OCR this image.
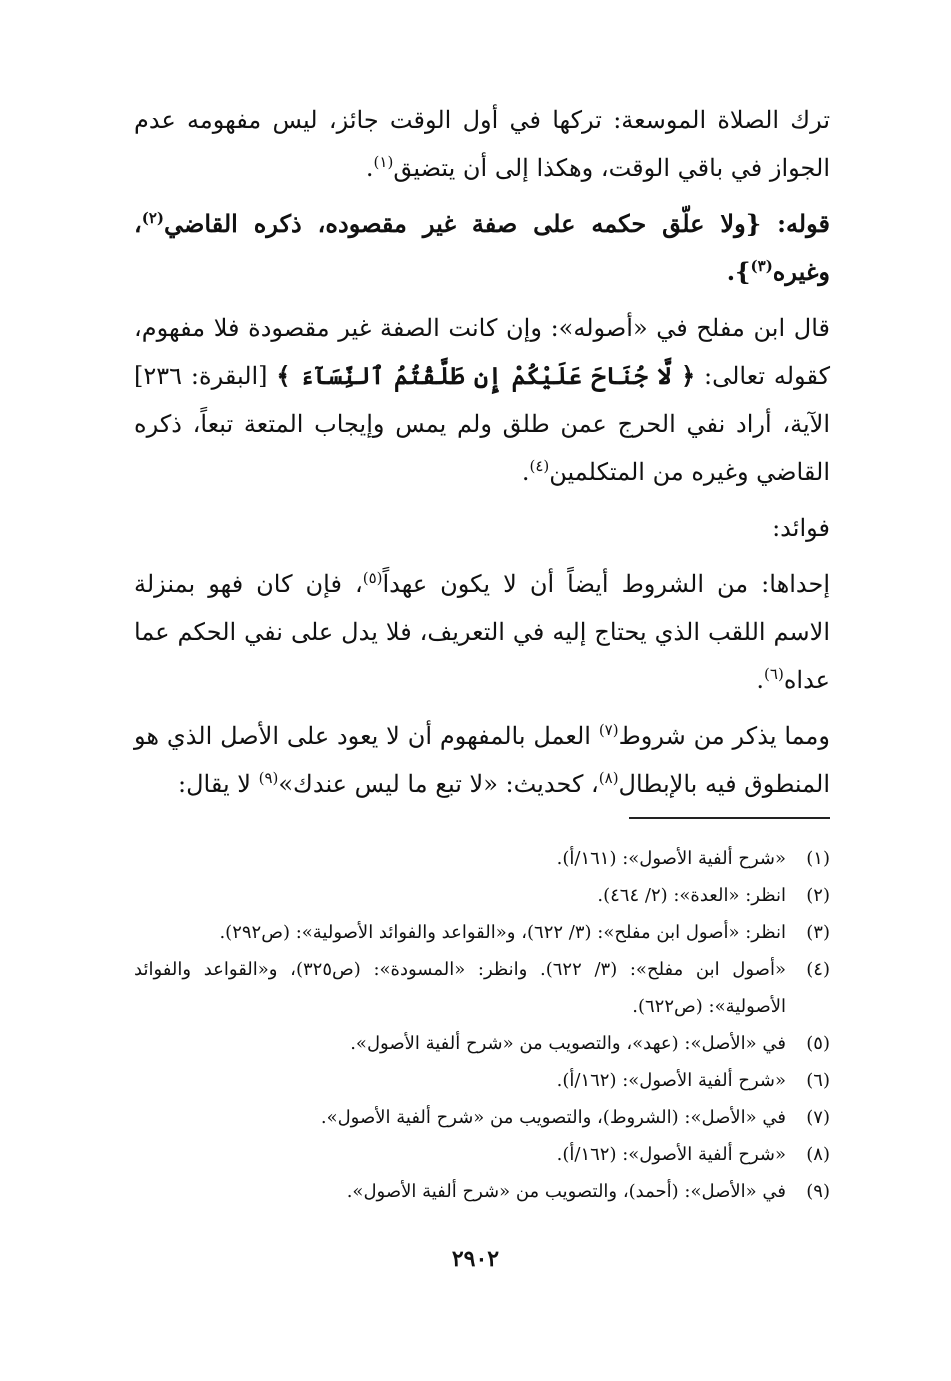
ترك الصلاة الموسعة: تركها في أول الوقت جائز، ليس مفهومه عدم الجواز في باقي الوقت، وهكذا إلى أن يتضيق$^{(١)}$.

قوله: {ولا علّق حكمه على صفة غير مقصوده، ذكره القاضي$^{(٢)}$، وغيره$^{(٣)}$}.

قال ابن مفلح في «أصوله»: وإن كانت الصفة غير مقصودة فلا مفهوم، كقوله تعالى: ﴿ لَّا جُنَاحَ عَلَيْكُمْ إِن طَلَّقْتُمُ ٱلنِّسَآءَ ﴾ [البقرة: ٢٣٦] الآية، أراد نفي الحرج عمن طلق ولم يمس وإيجاب المتعة تبعاً، ذكره القاضي وغيره من المتكلمين$^{(٤)}$.

فوائد:

إحداها: من الشروط أيضاً أن لا يكون عهداً$^{(٥)}$، فإن كان فهو بمنزلة الاسم اللقب الذي يحتاج إليه في التعريف، فلا يدل على نفي الحكم عما عداه$^{(٦)}$.

ومما يذكر من شروط$^{(٧)}$ العمل بالمفهوم أن لا يعود على الأصل الذي هو المنطوق فيه بالإبطال$^{(٨)}$، كحديث: «لا تبع ما ليس عندك»$^{(٩)}$ لا يقال:

(١)
«شرح ألفية الأصول»: (١٦١/أ).
(٢)
انظر: «العدة»: (٢/ ٤٦٤).
(٣)
انظر: «أصول ابن مفلح»: (٣/ ٦٢٢)، و«القواعد والفوائد الأصولية»: (ص٢٩٢).
(٤)
«أصول ابن مفلح»: (٣/ ٦٢٢). وانظر: «المسودة»: (ص٣٢٥)، و«القواعد والفوائد الأصولية»: (ص٦٢٢).
(٥)
في «الأصل»: (عهد»، والتصويب من «شرح ألفية الأصول».
(٦)
«شرح ألفية الأصول»: (١٦٢/أ).
(٧)
في «الأصل»: (الشروط)، والتصويب من «شرح ألفية الأصول».
(٨)
«شرح ألفية الأصول»: (١٦٢/أ).
(٩)
في «الأصل»: (أحمد)، والتصويب من «شرح ألفية الأصول».
٢٩٠٢
